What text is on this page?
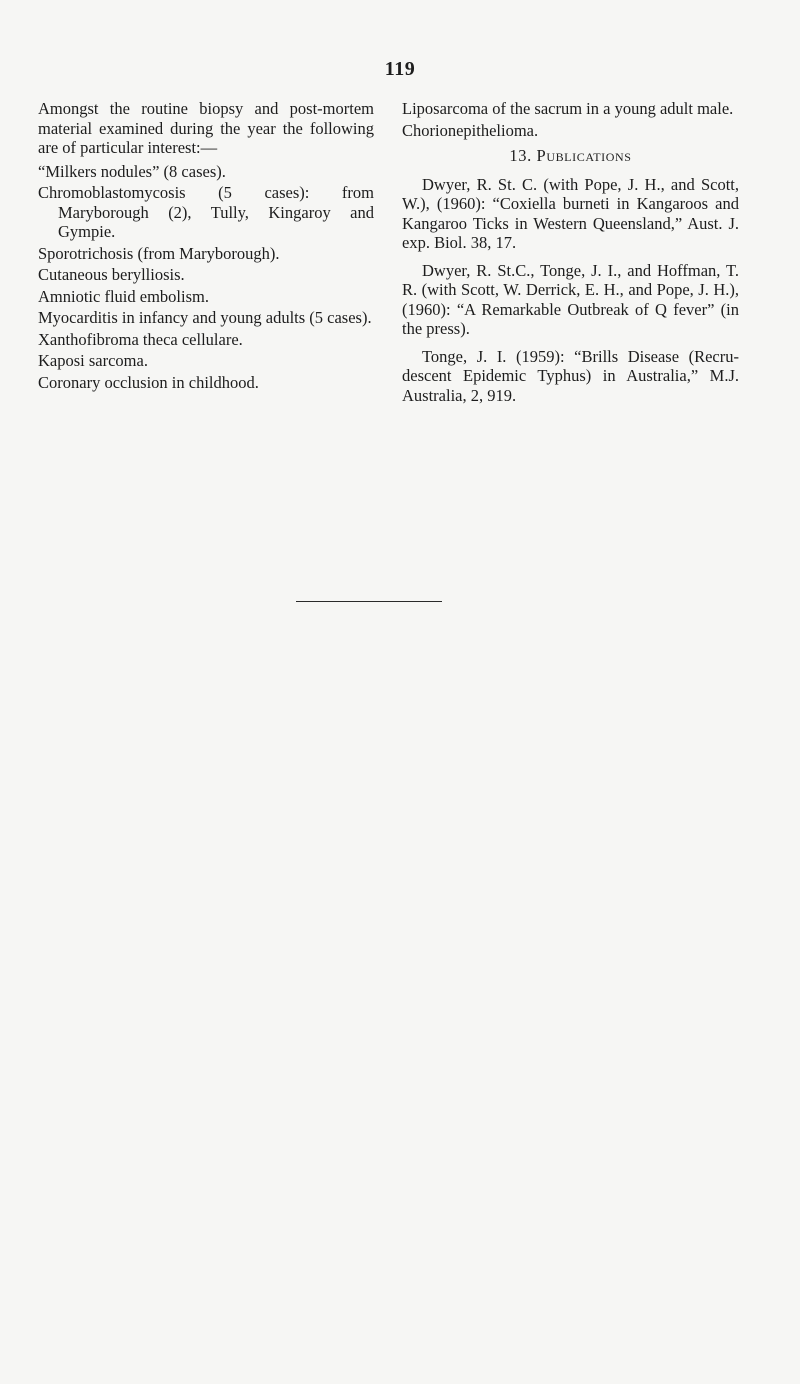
119

Amongst the routine biopsy and post-mortem material examined during the year the following are of particular interest:—

“Milkers nodules” (8 cases).

Chromoblastomycosis (5 cases): from Maryborough (2), Tully, Kingaroy and Gympie.

Sporotrichosis (from Maryborough).

Cutaneous berylliosis.

Amniotic fluid embolism.

Myocarditis in infancy and young adults (5 cases).

Xanthofibroma theca cellulare.

Kaposi sarcoma.

Coronary occlusion in childhood.

Liposarcoma of the sacrum in a young adult male.

Chorionepithelioma.

13. Publications

Dwyer, R. St. C. (with Pope, J. H., and Scott, W.), (1960): “Coxiella burneti in Kangaroos and Kangaroo Ticks in Western Queensland,” Aust. J. exp. Biol. 38, 17.

Dwyer, R. St.C., Tonge, J. I., and Hoffman, T. R. (with Scott, W. Derrick, E. H., and Pope, J. H.), (1960): “A Remarkable Outbreak of Q fever” (in the press).

Tonge, J. I. (1959): “Brills Disease (Recru-descent Epidemic Typhus) in Australia,” M.J. Australia, 2, 919.
